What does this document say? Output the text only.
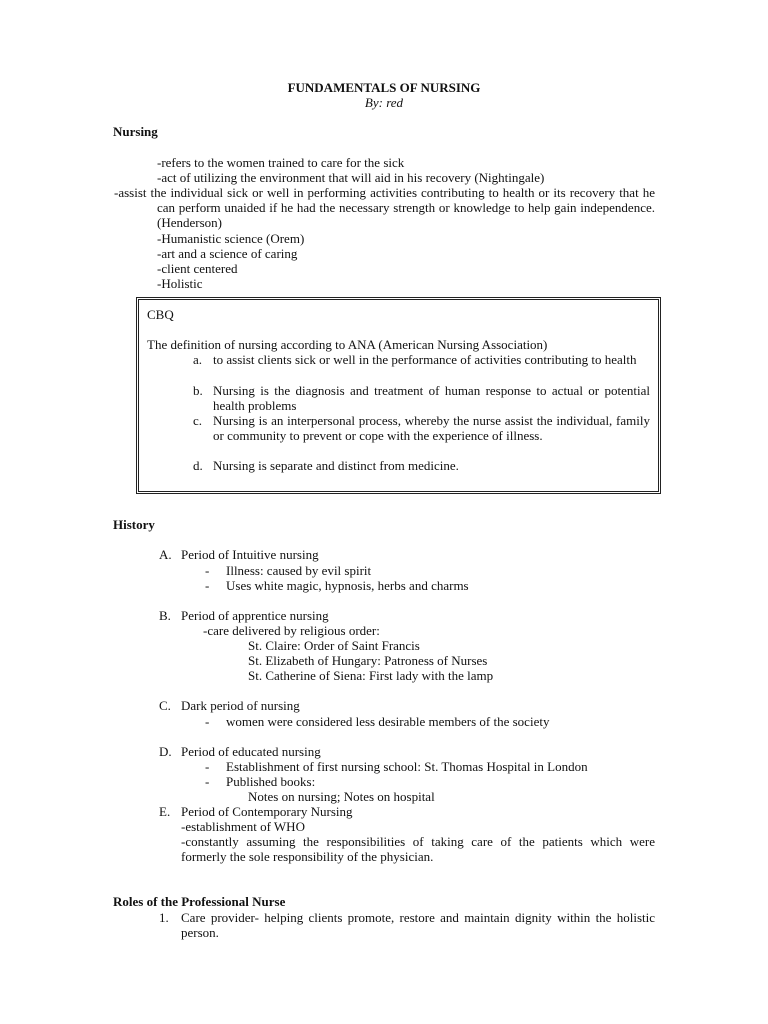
FUNDAMENTALS OF NURSING
By: red
Nursing
-refers to the women trained to care for the sick
-act of utilizing the environment that will aid in his recovery (Nightingale)
-assist the individual sick or well in performing activities contributing to health or its recovery that he can perform unaided if he had the necessary strength or knowledge to help gain independence. (Henderson)
-Humanistic science (Orem)
-art and a science of caring
-client centered
-Holistic
CBQ
The definition of nursing according to ANA (American Nursing Association)
a. to assist clients sick or well in the performance of activities contributing to health
b. Nursing is the diagnosis and treatment of human response to actual or potential health problems
c. Nursing is an interpersonal process, whereby the nurse assist the individual, family or community to prevent or cope with the experience of illness.
d. Nursing is separate and distinct from medicine.
History
A. Period of Intuitive nursing
- Illness: caused by evil spirit
- Uses white magic, hypnosis, herbs and charms
B. Period of apprentice nursing
-care delivered by religious order:
St. Claire: Order of Saint Francis
St. Elizabeth of Hungary: Patroness of Nurses
St. Catherine of Siena: First lady with the lamp
C. Dark period of nursing
- women were considered less desirable members of the society
D. Period of educated nursing
- Establishment of first nursing school: St. Thomas Hospital in London
- Published books:
Notes on nursing; Notes on hospital
E. Period of Contemporary Nursing
-establishment of WHO
-constantly assuming the responsibilities of taking care of the patients which were formerly the sole responsibility of the physician.
Roles of the Professional Nurse
1. Care provider- helping clients promote, restore and maintain dignity within the holistic person.
